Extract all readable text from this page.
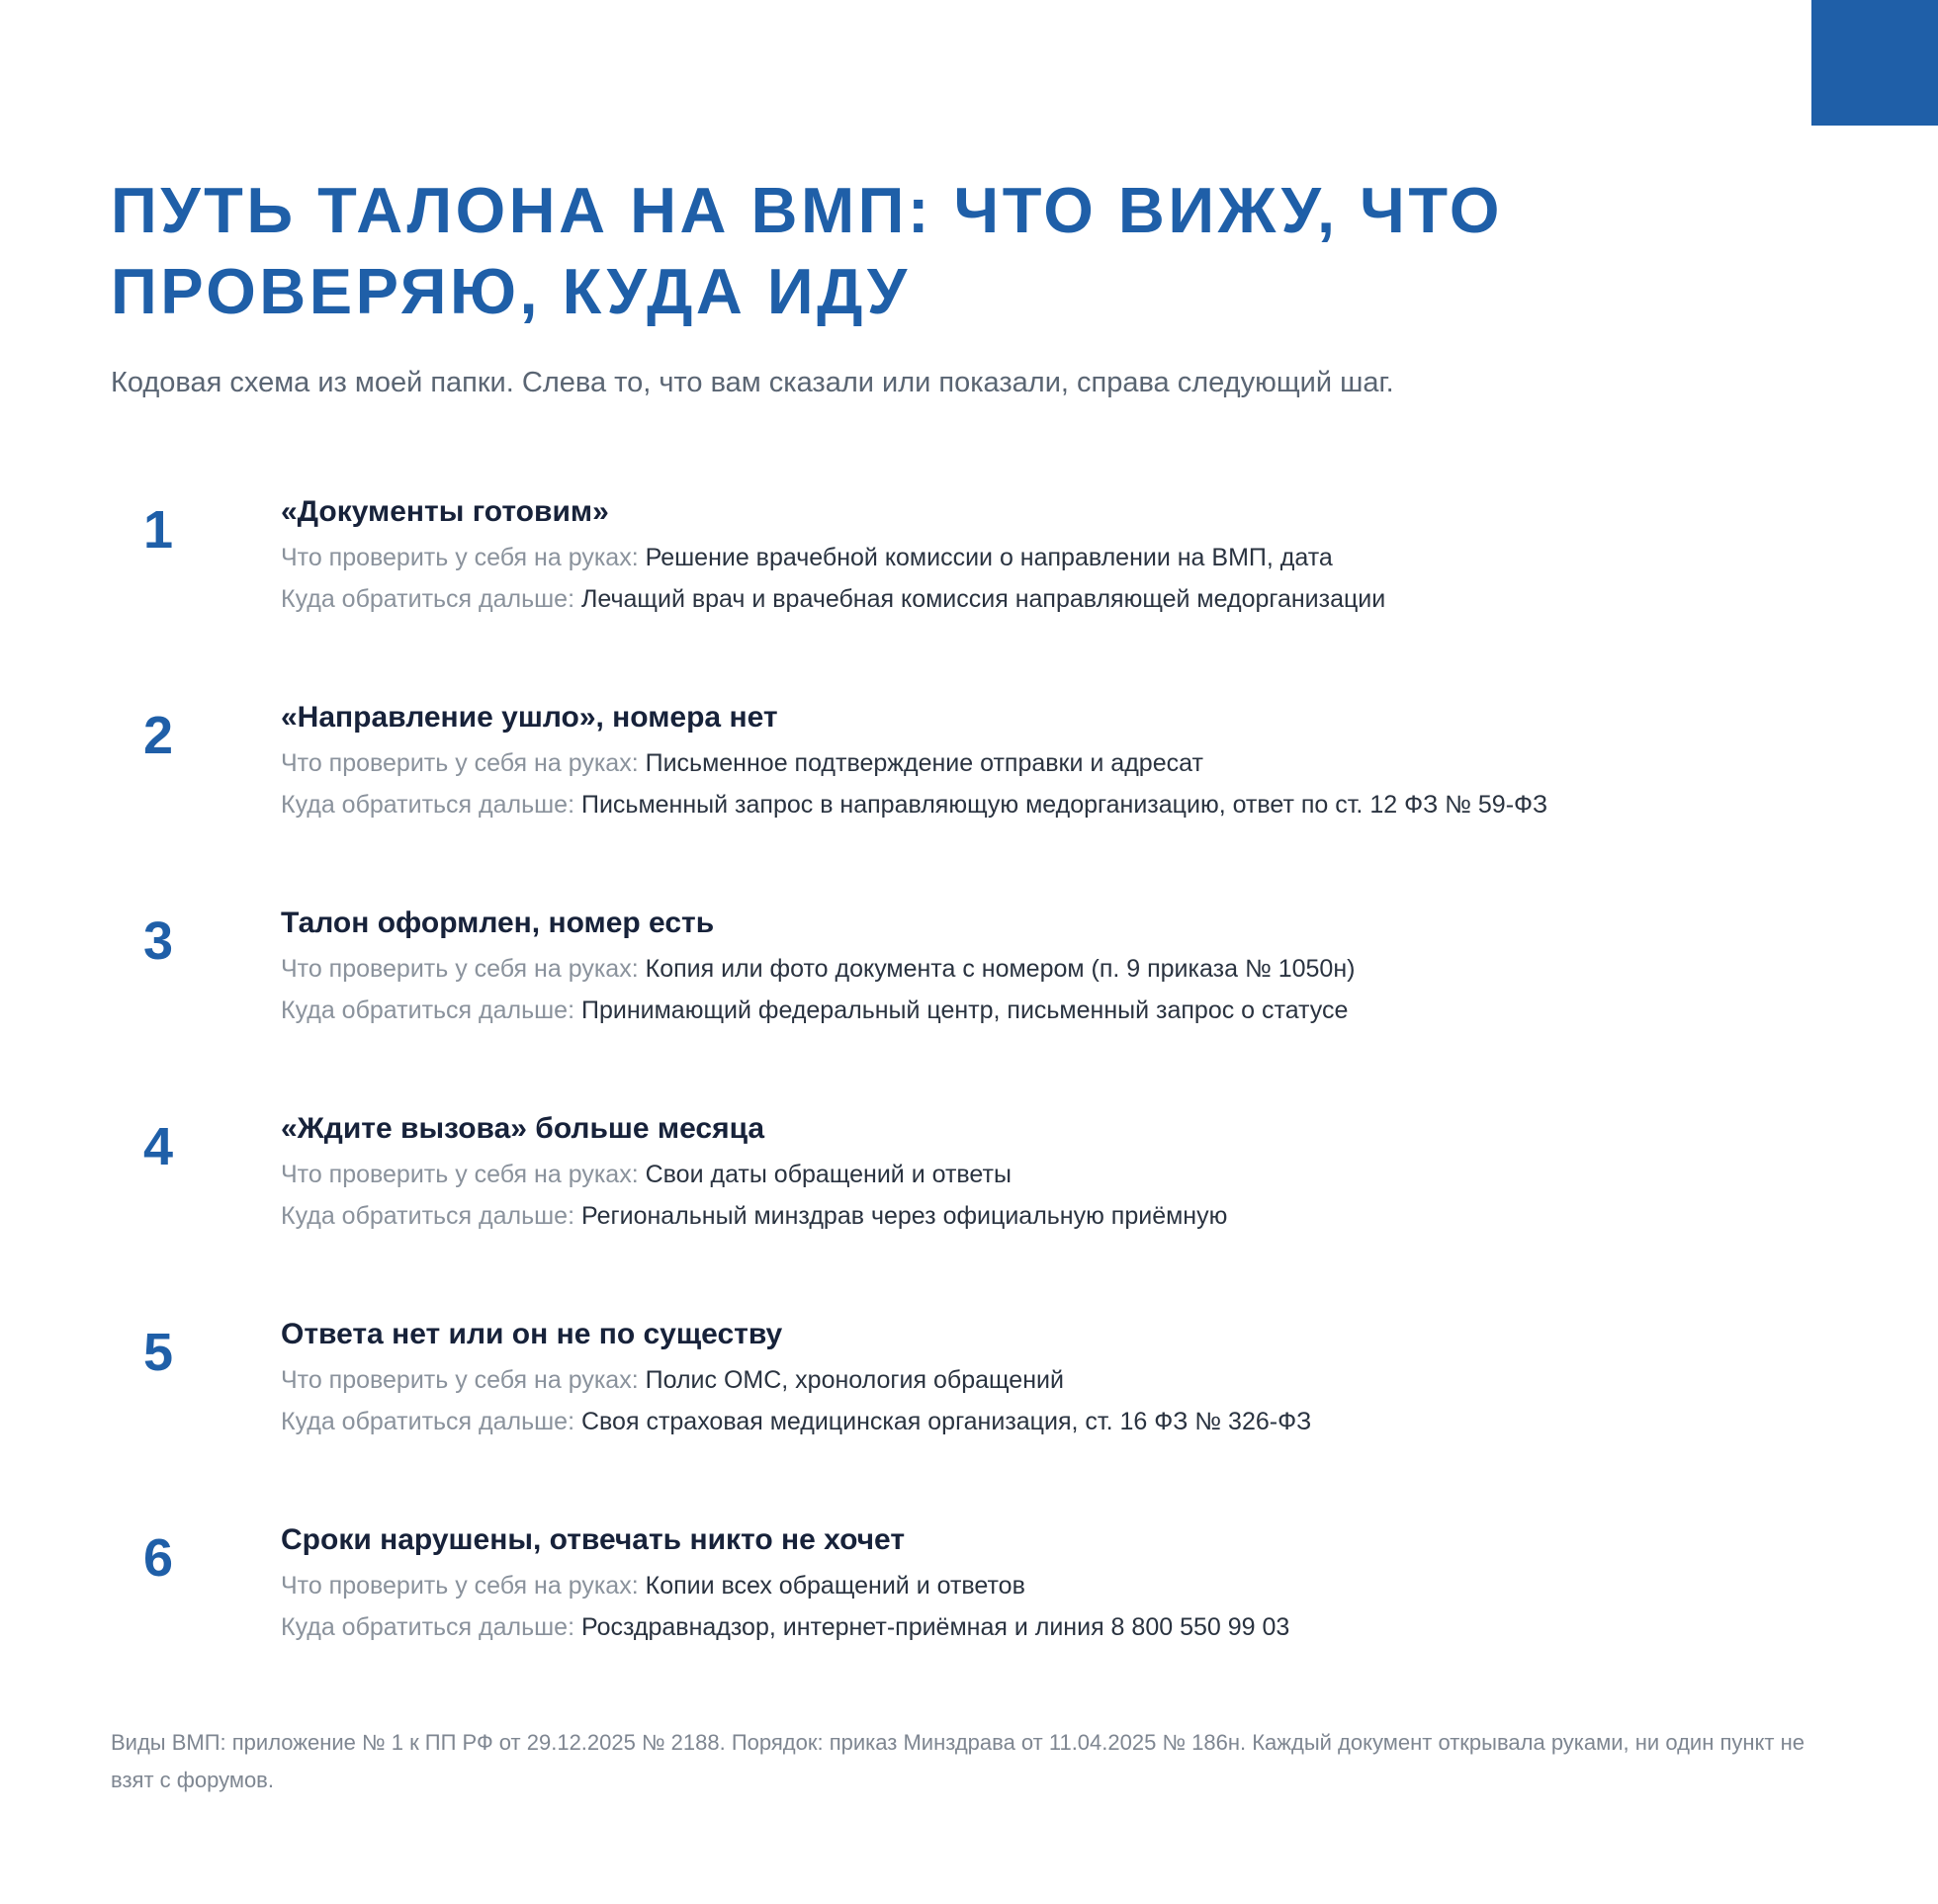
ПУТЬ ТАЛОНА НА ВМП: ЧТО ВИЖУ, ЧТО ПРОВЕРЯЮ, КУДА ИДУ

Кодовая схема из моей папки. Слева то, что вам сказали или показали, справа следующий шаг.

1	«Документы готовим»
Что проверить у себя на руках: Решение врачебной комиссии о направлении на ВМП, дата
Куда обратиться дальше: Лечащий врач и врачебная комиссия направляющей медорганизации
2	«Направление ушло», номера нет
Что проверить у себя на руках: Письменное подтверждение отправки и адресат
Куда обратиться дальше: Письменный запрос в направляющую медорганизацию, ответ по ст. 12 ФЗ № 59-ФЗ
3	Талон оформлен, номер есть
Что проверить у себя на руках: Копия или фото документа с номером (п. 9 приказа № 1050н)
Куда обратиться дальше: Принимающий федеральный центр, письменный запрос о статусе
4	«Ждите вызова» больше месяца
Что проверить у себя на руках: Свои даты обращений и ответы
Куда обратиться дальше: Региональный минздрав через официальную приёмную
5	Ответа нет или он не по существу
Что проверить у себя на руках: Полис ОМС, хронология обращений
Куда обратиться дальше: Своя страховая медицинская организация, ст. 16 ФЗ № 326-ФЗ
6	Сроки нарушены, отвечать никто не хочет
Что проверить у себя на руках: Копии всех обращений и ответов
Куда обратиться дальше: Росздравнадзор, интернет-приёмная и линия 8 800 550 99 03

Виды ВМП: приложение № 1 к ПП РФ от 29.12.2025 № 2188. Порядок: приказ Минздрава от 11.04.2025 № 186н. Каждый документ открывала руками, ни один пункт не взят с форумов.
